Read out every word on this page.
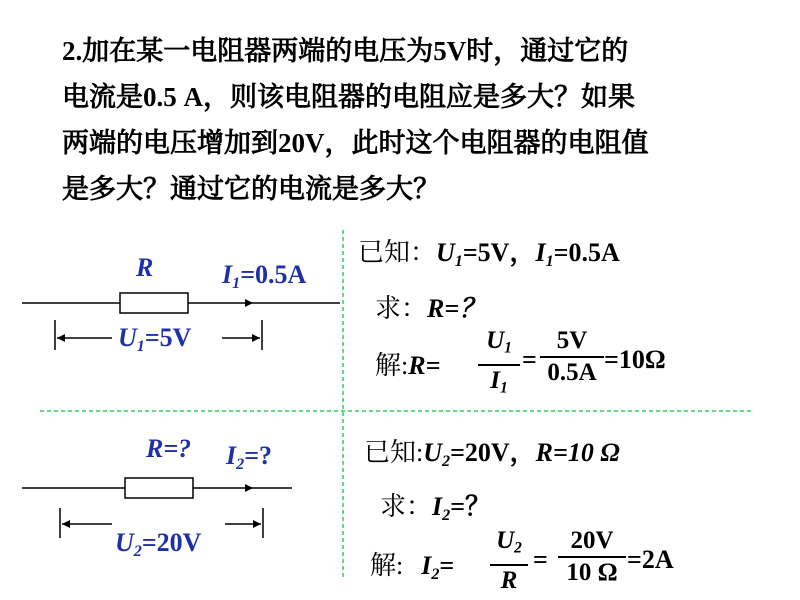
2.加在某一电阻器两端的电压为5V时，通过它的
电流是0.5 A，则该电阻器的电阻应是多大？如果
两端的电压增加到20V，此时这个电阻器的电阻值
是多大？通过它的电流是多大？
R	$I_1=0.5A$
$U_1=5V$
已知：$U_1=5V$，$I_1=0.5A$
求：R=？
解:R=
$U_1$
$I_1$
=
5V
0.5A =10Ω
R=? $I_2=$?
$U_2=20V$
已知$:U_2=20V$，R=10 Ω
求：$I_2=$？
解: $I_2=$
$U_2$
R
=
20V
10 Ω =2A
